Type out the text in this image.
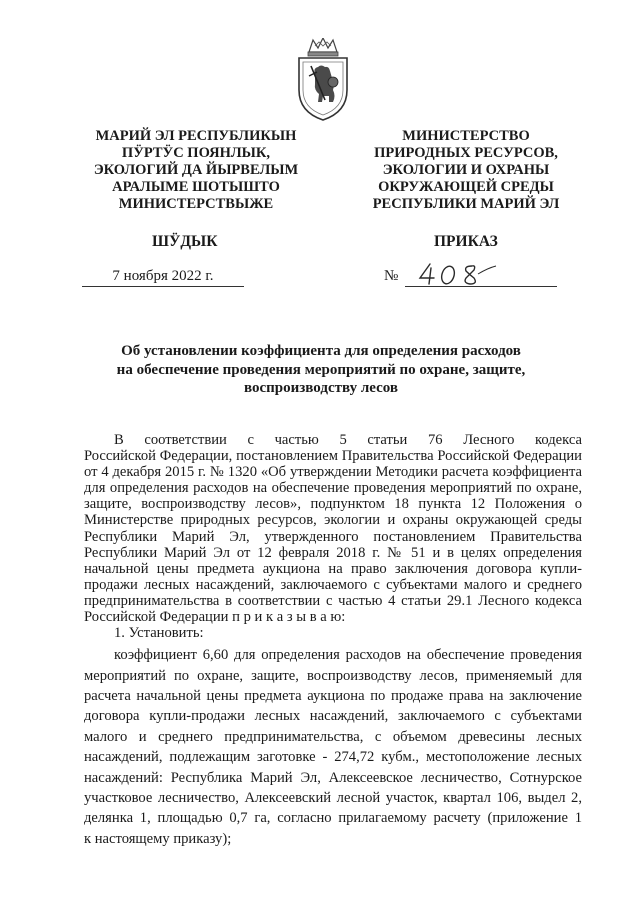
МАРИЙ ЭЛ РЕСПУБЛИКЫН
ПӰРТӰС ПОЯНЛЫК,
ЭКОЛОГИЙ ДА ЙЫРВЕЛЫМ
АРАЛЫМЕ ШОТЫШТО
МИНИСТЕРСТВЫЖЕ
МИНИСТЕРСТВО
ПРИРОДНЫХ РЕСУРСОВ,
ЭКОЛОГИИ И ОХРАНЫ
ОКРУЖАЮЩЕЙ СРЕДЫ
РЕСПУБЛИКИ МАРИЙ ЭЛ
ШӰДЫК	ПРИКАЗ
7 ноября 2022 г.	№
Об установлении коэффициента для определения расходов
на обеспечение проведения мероприятий по охране, защите,
воспроизводству лесов
В соответствии с частью 5 статьи 76 Лесного кодекса
Российской Федерации, постановлением Правительства Российской Федерации
от 4 декабря 2015 г. № 1320 «Об утверждении Методики расчета коэффициента
для определения расходов на обеспечение проведения мероприятий по охране,
защите, воспроизводству лесов», подпунктом 18 пункта 12 Положения о
Министерстве природных ресурсов, экологии и охраны окружающей среды
Республики Марий Эл, утвержденного постановлением Правительства
Республики Марий Эл от 12 февраля 2018 г. № 51 и в целях определения
начальной цены предмета аукциона на право заключения договора купли-
продажи лесных насаждений, заключаемого с субъектами малого и среднего
предпринимательства в соответствии с частью 4 статьи 29.1 Лесного кодекса
Российской Федерации п р и к а з ы в а ю:
1. Установить:
коэффициент 6,60 для определения расходов на обеспечение проведения
мероприятий по охране, защите, воспроизводству лесов, применяемый для
расчета начальной цены предмета аукциона по продаже права на заключение
договора купли-продажи лесных насаждений, заключаемого с субъектами
малого и среднего предпринимательства, с объемом древесины лесных
насаждений, подлежащим заготовке - 274,72 кубм., местоположение лесных
насаждений: Республика Марий Эл, Алексеевское лесничество, Сотнурское
участковое лесничество, Алексеевский лесной участок, квартал 106, выдел 2,
делянка 1, площадью 0,7 га, согласно прилагаемому расчету (приложение 1
к настоящему приказу);
